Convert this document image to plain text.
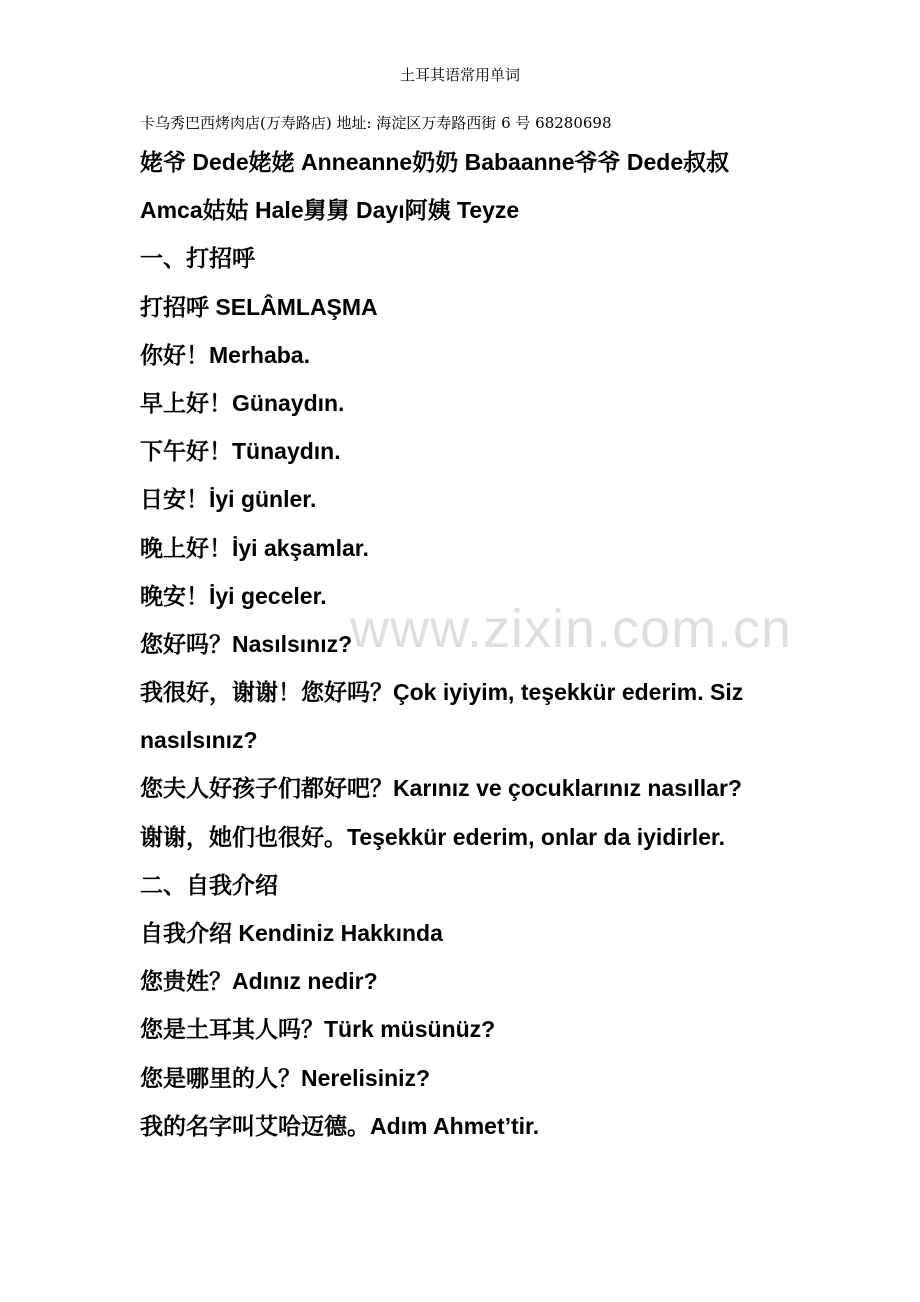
土耳其语常用单词
卡乌秀巴西烤肉店(万寿路店) 地址: 海淀区万寿路西街 6 号 68280698
姥爷 Dede姥姥 Anneanne奶奶 Babaanne爷爷 Dede叔叔
Amca姑姑 Hale舅舅 Dayı阿姨 Teyze
一、打招呼
打招呼 SELÂMLAŞMA
你好！Merhaba.
早上好！Günaydın.
下午好！Tünaydın.
日安！İyi günler.
晚上好！İyi akşamlar.
晚安！İyi geceler.
您好吗？Nasılsınız?
我很好，谢谢！您好吗？Çok iyiyim, teşekkür ederim. Siz
nasılsınız?
您夫人好孩子们都好吧？Karınız ve çocuklarınız nasıllar?
谢谢，她们也很好。Teşekkür ederim, onlar da iyidirler.
二、自我介绍
自我介绍 Kendiniz Hakkında
您贵姓？Adınız nedir?
您是土耳其人吗？Türk müsünüz?
您是哪里的人？Nerelisiniz?
我的名字叫艾哈迈德。Adım Ahmet’tir.
www.zixin.com.cn
